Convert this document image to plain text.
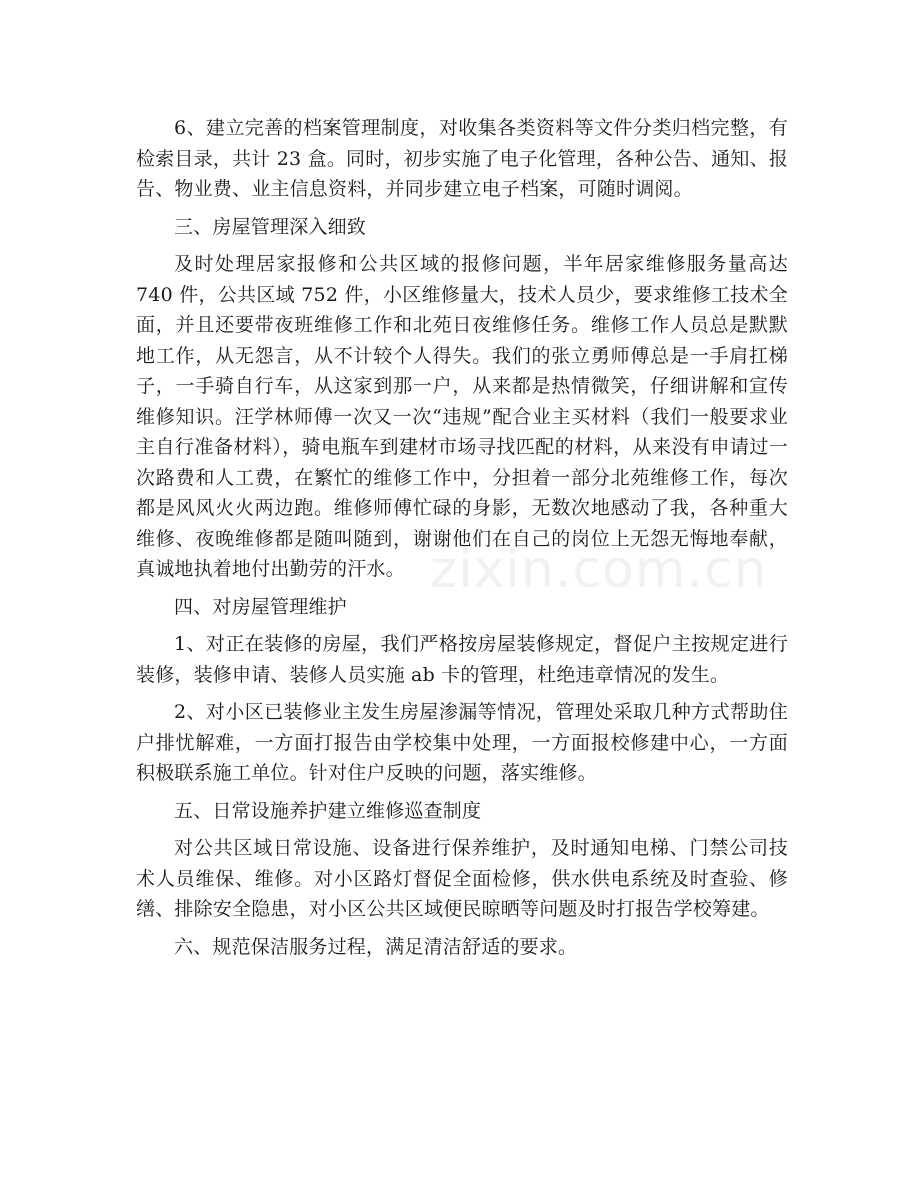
6、建立完善的档案管理制度，对收集各类资料等文件分类归档完整，有检索目录，共计 23 盒。同时，初步实施了电子化管理，各种公告、通知、报告、物业费、业主信息资料，并同步建立电子档案，可随时调阅。

三、房屋管理深入细致

及时处理居家报修和公共区域的报修问题，半年居家维修服务量高达 740 件，公共区域 752 件，小区维修量大，技术人员少，要求维修工技术全面，并且还要带夜班维修工作和北苑日夜维修任务。维修工作人员总是默默地工作，从无怨言，从不计较个人得失。我们的张立勇师傅总是一手肩扛梯子，一手骑自行车，从这家到那一户，从来都是热情微笑，仔细讲解和宣传维修知识。汪学林师傅一次又一次“违规”配合业主买材料（我们一般要求业主自行准备材料），骑电瓶车到建材市场寻找匹配的材料，从来没有申请过一次路费和人工费，在繁忙的维修工作中，分担着一部分北苑维修工作，每次都是风风火火两边跑。维修师傅忙碌的身影，无数次地感动了我，各种重大维修、夜晚维修都是随叫随到，谢谢他们在自己的岗位上无怨无悔地奉献，真诚地执着地付出勤劳的汗水。

四、对房屋管理维护

1、对正在装修的房屋，我们严格按房屋装修规定，督促户主按规定进行装修，装修申请、装修人员实施 ab 卡的管理，杜绝违章情况的发生。

2、对小区已装修业主发生房屋渗漏等情况，管理处采取几种方式帮助住户排忧解难，一方面打报告由学校集中处理，一方面报校修建中心，一方面积极联系施工单位。针对住户反映的问题，落实维修。

五、日常设施养护建立维修巡查制度

对公共区域日常设施、设备进行保养维护，及时通知电梯、门禁公司技术人员维保、维修。对小区路灯督促全面检修，供水供电系统及时查验、修缮、排除安全隐患，对小区公共区域便民晾晒等问题及时打报告学校筹建。

六、规范保洁服务过程，满足清洁舒适的要求。

zixin.com.cn
